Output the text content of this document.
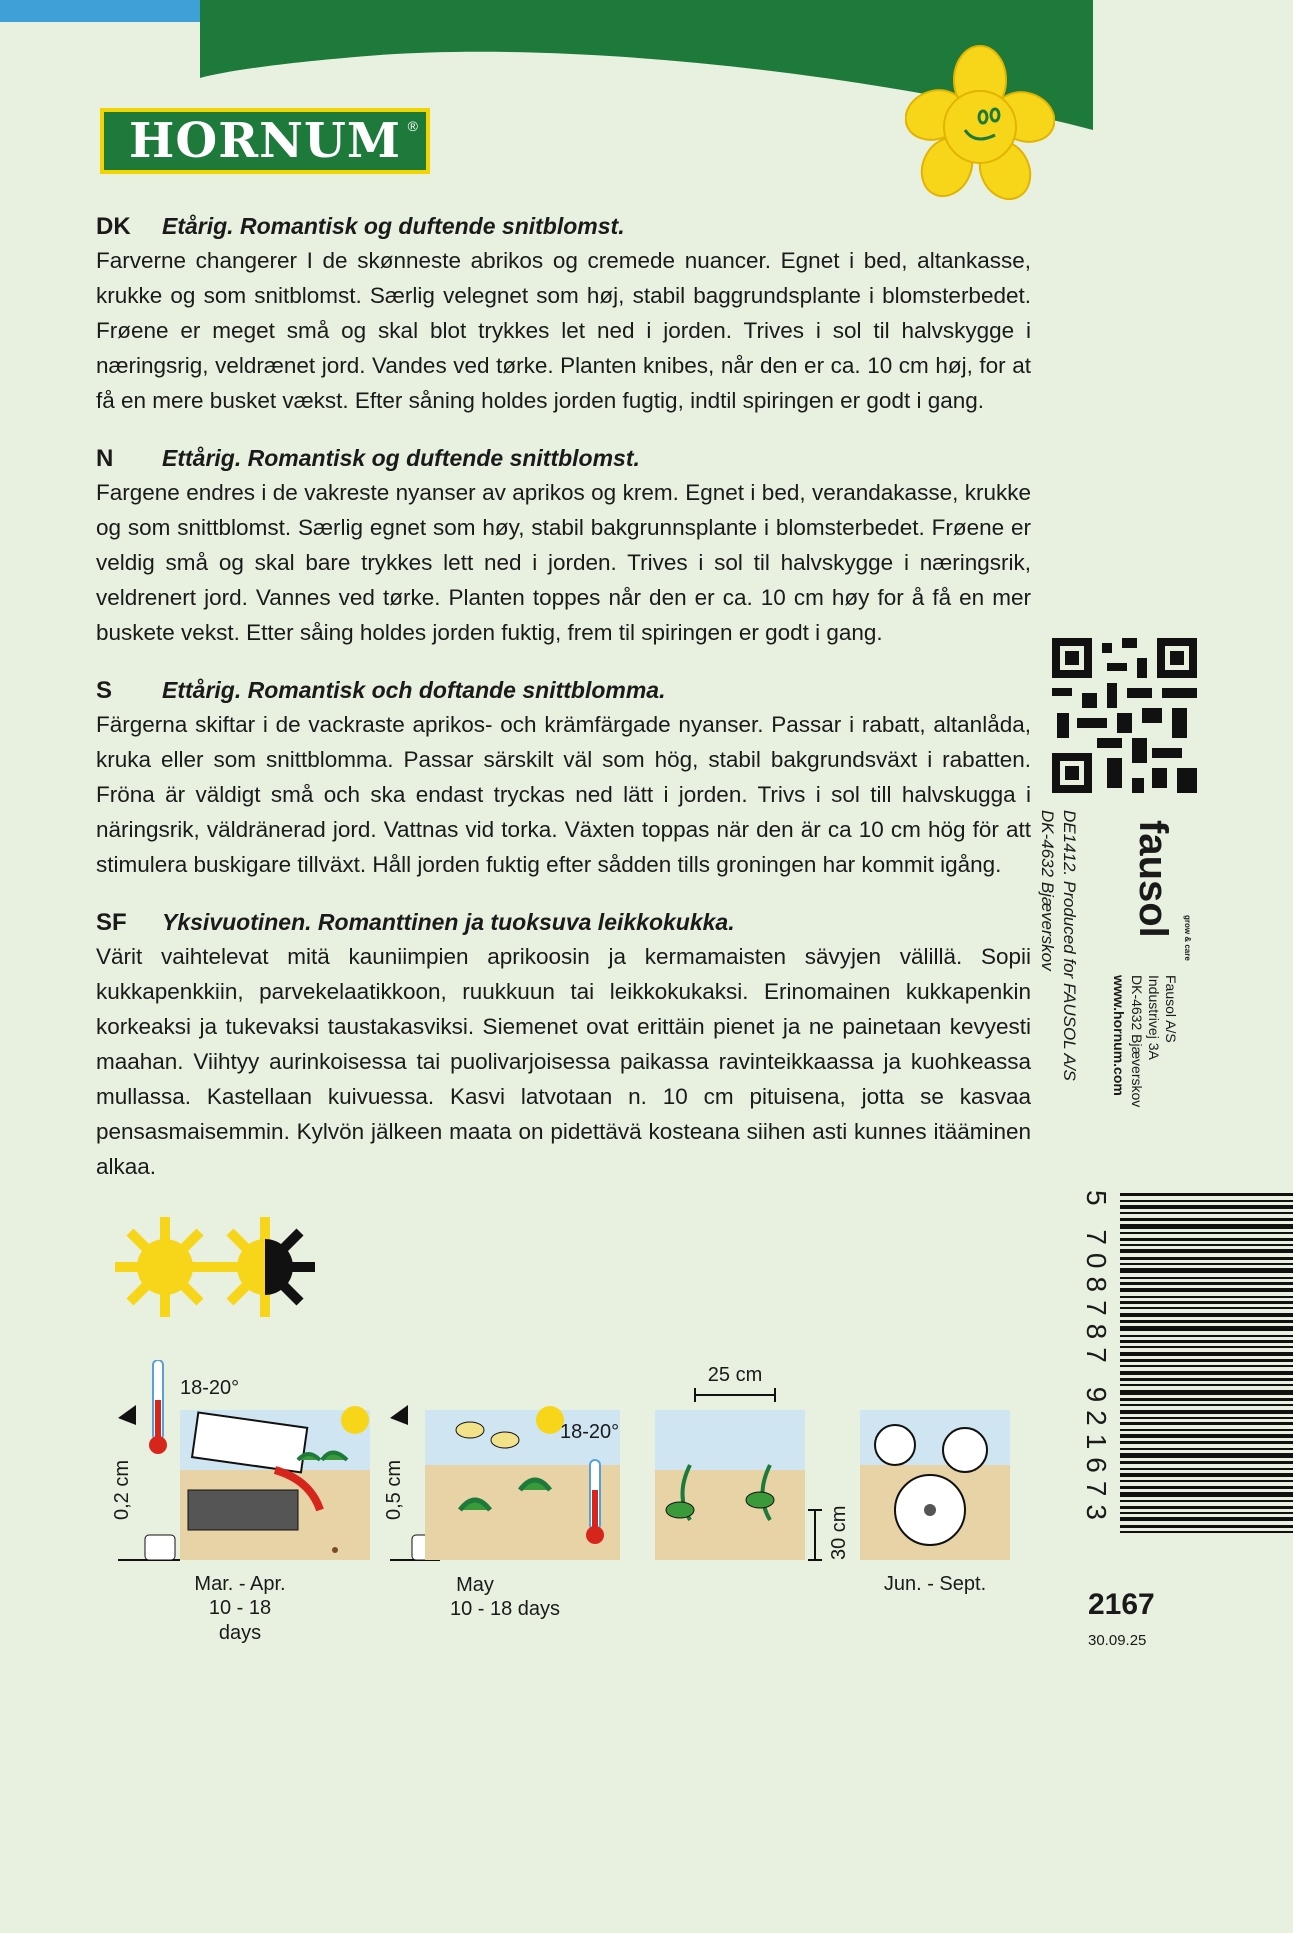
HORNUM ®
DK Etårig. Romantisk og duftende snitblomst.
Farverne changerer I de skønneste abrikos og cremede nuancer. Egnet i bed, altankasse, krukke og som snitblomst. Særlig velegnet som høj, stabil baggrundsplante i blomsterbedet. Frøene er meget små og skal blot trykkes let ned i jorden. Trives i sol til halvskygge i næringsrig, veldrænet jord. Vandes ved tørke. Planten knibes, når den er ca. 10 cm høj, for at få en mere busket vækst. Efter såning holdes jorden fugtig, indtil spiringen er godt i gang.
N Ettårig. Romantisk og duftende snittblomst.
Fargene endres i de vakreste nyanser av aprikos og krem. Egnet i bed, verandakasse, krukke og som snittblomst. Særlig egnet som høy, stabil bakgrunnsplante i blomsterbedet. Frøene er veldig små og skal bare trykkes lett ned i jorden. Trives i sol til halvskygge i næringsrik, veldrenert jord. Vannes ved tørke. Planten toppes når den er ca. 10 cm høy for å få en mer buskete vekst. Etter såing holdes jorden fuktig, frem til spiringen er godt i gang.
S Ettårig. Romantisk och doftande snittblomma.
Färgerna skiftar i de vackraste aprikos- och krämfärgade nyanser. Passar i rabatt, altanlåda, kruka eller som snittblomma. Passar särskilt väl som hög, stabil bakgrundsväxt i rabatten. Fröna är väldigt små och ska endast tryckas ned lätt i jorden. Trivs i sol till halvskugga i näringsrik, väldränerad jord. Vattnas vid torka. Växten toppas när den är ca 10 cm hög för att stimulera buskigare tillväxt. Håll jorden fuktig efter sådden tills groningen har kommit igång.
SF Yksivuotinen. Romanttinen ja tuoksuva leikkokukka.
Värit vaihtelevat mitä kauniimpien aprikoosin ja kermamaisten sävyjen välillä. Sopii kukkapenkkiin, parvekelaatikkoon, ruukkuun tai leikkokukaksi. Erinomainen kukkapenkin korkeaksi ja tukevaksi taustakasviksi. Siemenet ovat erittäin pienet ja ne painetaan kevyesti maahan. Viihtyy aurinkoisessa tai puolivarjoisessa paikassa ravinteikkaassa ja kuohkeassa mullassa. Kastellaan kuivuessa. Kasvi latvotaan n. 10 cm pituisena, jotta se kasvaa pensasmaisemmin. Kylvön jälkeen maata on pidettävä kosteana siihen asti kunnes itääminen alkaa.
18-20°
0,2 cm
Mar. - Apr.
10 - 18 days
18-20°
0,5 cm
May
10 - 18 days
25 cm
30 cm
Jun. - Sept.
DE1412. Produced for FAUSOL A/S
DK-4632 Bjæverskov fausol
grow & care
Fausol A/S
Industrivej 3A
DK-4632 Bjæverskov
www.hornum.com
5 708787 921673
2167
30.09.25
